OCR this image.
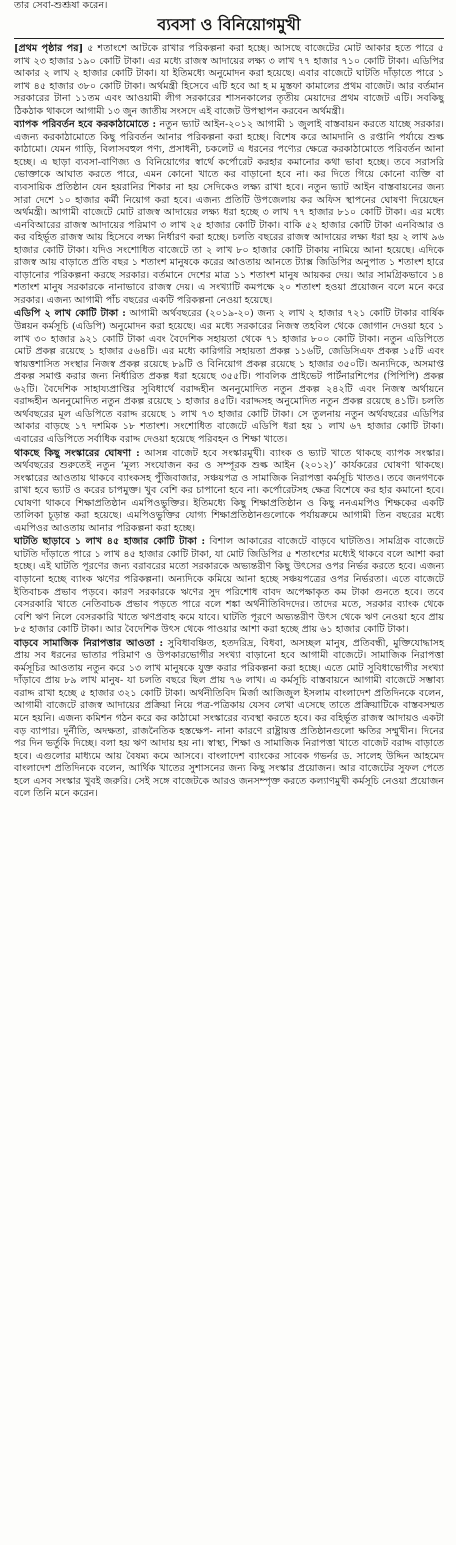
তার সেবা-শুশ্রূষা করেন।
ব্যবসা ও বিনিয়োগমুখী

[প্রথম পৃষ্ঠার পর] ৫ শতাংশে আটকে রাখার পরিকল্পনা করা হচ্ছে। আসছে বাজেটের মোট আকার হতে পারে ৫ লাখ ২৩ হাজার ১৯০ কোটি টাকা। এর মধ্যে রাজস্ব আদায়ের লক্ষ্য ৩ লাখ ৭৭ হাজার ৭১০ কোটি টাকা। এডিপির আকার ২ লাখ ২ হাজার কোটি টাকা। যা ইতিমধ্যে অনুমোদন করা হয়েছে। এবার বাজেটে ঘাটতি দাঁড়াতে পারে ১ লাখ ৪৫ হাজার ৩৮০ কোটি টাকা। অর্থমন্ত্রী হিসেবে এটি হবে আ হ ম মুস্তফা কামালের প্রথম বাজেট। আর বর্তমান সরকারের টানা ১১তম এবং আওয়ামী লীগ সরকারের শাসনকালের তৃতীয় মেয়াদের প্রথম বাজেট এটি। সবকিছু ঠিকঠাক থাকলে আগামী ১৩ জুন জাতীয় সংসদে এই বাজেট উপস্থাপন করবেন অর্থমন্ত্রী।

ব্যাপক পরিবর্তন হবে করকাঠামোতে : নতুন ভ্যাট আইন-২০১২ আগামী ১ জুলাই বাস্তবায়ন করতে যাচ্ছে সরকার। এজন্য করকাঠামোতে কিছু পরিবর্তন আনার পরিকল্পনা করা হচ্ছে। বিশেষ করে আমদানি ও রপ্তানি পর্যায়ে শুল্ক কাঠামো। যেমন গাড়ি, বিলাসবহুল পণ্য, প্রসাধনী, চকলেট এ ধরনের পণ্যের ক্ষেত্রে করকাঠামোতে পরিবর্তন আনা হচ্ছে। এ ছাড়া ব্যবসা-বাণিজ্য ও বিনিয়োগের স্বার্থে কর্পোরেট করহার কমানোর কথা ভাবা হচ্ছে। তবে সরাসরি ভোক্তাকে আঘাত করতে পারে, এমন কোনো খাতে কর বাড়ানো হবে না। কর দিতে গিয়ে কোনো ব্যক্তি বা ব্যবসায়িক প্রতিষ্ঠান যেন হয়রানির শিকার না হয় সেদিকেও লক্ষ্য রাখা হবে। নতুন ভ্যাট আইন বাস্তবায়নের জন্য সারা দেশে ১০ হাজার কর্মী নিয়োগ করা হবে। এজন্য প্রতিটি উপজেলায় কর অফিস স্থাপনের ঘোষণা দিয়েছেন অর্থমন্ত্রী। আগামী বাজেটে মোট রাজস্ব আদায়ের লক্ষ্য ধরা হচ্ছে ৩ লাখ ৭৭ হাজার ৮১০ কোটি টাকা। এর মধ্যে এনবিআরের রাজস্ব আদায়ের পরিমাণ ৩ লাখ ২৫ হাজার কোটি টাকা। বাকি ৫২ হাজার কোটি টাকা এনবিআর ও কর বহির্ভূত রাজস্ব আয় হিসেবে লক্ষ্য নির্ধারণ করা হচ্ছে। চলতি বছরের রাজস্ব আদায়ের লক্ষ্য ধরা হয় ২ লাখ ৯৬ হাজার কোটি টাকা। যদিও সংশোধিত বাজেটে তা ২ লাখ ৮০ হাজার কোটি টাকায় নামিয়ে আনা হয়েছে। এদিকে রাজস্ব আয় বাড়াতে প্রতি বছর ১ শতাংশ মানুষকে করের আওতায় আনতে ট্যাক্স জিডিপির অনুপাত ১ শতাংশ হারে বাড়ানোর পরিকল্পনা করছে সরকার। বর্তমানে দেশের মাত্র ১১ শতাংশ মানুষ আয়কর দেয়। আর সামগ্রিকভাবে ১৪ শতাংশ মানুষ সরকারকে নানাভাবে রাজস্ব দেয়। এ সংখ্যাটি কমপক্ষে ২০ শতাংশ হওয়া প্রয়োজন বলে মনে করে সরকার। এজন্য আগামী পাঁচ বছরের একটি পরিকল্পনা নেওয়া হয়েছে।

এডিপি ২ লাখ কোটি টাকা : আগামী অর্থবছরের (২০১৯-২০) জন্য ২ লাখ ২ হাজার ৭২১ কোটি টাকার বার্ষিক উন্নয়ন কর্মসূচি (এডিপি) অনুমোদন করা হয়েছে। এর মধ্যে সরকারের নিজস্ব তহবিল থেকে জোগান দেওয়া হবে ১ লাখ ৩০ হাজার ৯২১ কোটি টাকা এবং বৈদেশিক সহায়তা থেকে ৭১ হাজার ৮০০ কোটি টাকা। নতুন এডিপিতে মোট প্রকল্প রয়েছে ১ হাজার ৫৬৪টি। এর মধ্যে কারিগরি সহায়তা প্রকল্প ১১৬টি, জেডিসিএফ প্রকল্প ১৫টি এবং স্বায়ত্তশাসিত সংস্থার নিজস্ব প্রকল্প রয়েছে ৮৯টি ও বিনিয়োগ প্রকল্প রয়েছে ১ হাজার ৩৫০টি। অন্যদিকে, অসমাপ্ত প্রকল্প সমাপ্ত করার জন্য নির্ধারিত প্রকল্প ধরা হয়েছে ৩৫৫টি। পাবলিক প্রাইভেট পার্টনারশিপের (পিপিপি) প্রকল্প ৬২টি। বৈদেশিক সাহায্যপ্রাপ্তির সুবিধার্থে বরাদ্দহীন অননুমোদিত নতুন প্রকল্প ২৪২টি এবং নিজস্ব অর্থায়নে বরাদ্দহীন অননুমোদিত নতুন প্রকল্প রয়েছে ১ হাজার ৪৫টি। বরাদ্দসহ অনুমোদিত নতুন প্রকল্প রয়েছে ৪১টি। চলতি অর্থবছরের মূল এডিপিতে বরাদ্দ রয়েছে ১ লাখ ৭৩ হাজার কোটি টাকা। সে তুলনায় নতুন অর্থবছরের এডিপির আকার বাড়ছে ১৭ দশমিক ১৮ শতাংশ। সংশোধিত বাজেটে এডিপি ধরা হয় ১ লাখ ৬৭ হাজার কোটি টাকা। এবারের এডিপিতে সর্বাধিক বরাদ্দ দেওয়া হয়েছে পরিবহন ও শিক্ষা খাতে।

থাকছে কিছু সংস্কারের ঘোষণা : আসন্ন বাজেট হবে সংস্কারমুখী। ব্যাংক ও ভ্যাট খাতে থাকছে ব্যাপক সংস্কার। অর্থবছরের শুরুতেই নতুন ‘মূল্য সংযোজন কর ও সম্পূরক শুল্ক আইন (২০১২)’ কার্যকরের ঘোষণা থাকছে। সংস্কারের আওতায় থাকবে ব্যাংকসহ পুঁজিবাজার, সঞ্চয়পত্র ও সামাজিক নিরাপত্তা কর্মসূচি খাতও। তবে জনগণকে রাখা হবে ভ্যাট ও করের চাপমুক্ত। খুব বেশি কর চাপানো হবে না। কর্পোরেটসহ ক্ষেত্র বিশেষে কর হার কমানো হবে। ঘোষণা থাকবে শিক্ষাপ্রতিষ্ঠান এমপিওভুক্তির। ইতিমধ্যে কিছু শিক্ষাপ্রতিষ্ঠান ও কিছু ননএমপিও শিক্ষকের একটি তালিকা চূড়ান্ত করা হয়েছে। এমপিওভুক্তির যোগ্য শিক্ষাপ্রতিষ্ঠানগুলোকে পর্যায়ক্রমে আগামী তিন বছরের মধ্যে এমপিওর আওতায় আনার পরিকল্পনা করা হচ্ছে।

ঘাটতি ছাড়াবে ১ লাখ ৪৫ হাজার কোটি টাকা : বিশাল আকারের বাজেটে বাড়বে ঘাটতিও। সামগ্রিক বাজেটে ঘাটতি দাঁড়াতে পারে ১ লাখ ৪৫ হাজার কোটি টাকা, যা মোট জিডিপির ৫ শতাংশের মধ্যেই থাকবে বলে আশা করা হচ্ছে। এই ঘাটতি পূরণের জন্য বরাবরের মতো সরকারকে অভ্যন্তরীণ কিছু উৎসের ওপর নির্ভর করতে হবে। এজন্য বাড়ানো হচ্ছে ব্যাংক ঋণের পরিকল্পনা। অন্যদিকে কমিয়ে আনা হচ্ছে সঞ্চয়পত্রের ওপর নির্ভরতা। এতে বাজেটে ইতিবাচক প্রভাব পড়বে। কারণ সরকারকে ঋণের সুদ পরিশোধ বাবদ অপেক্ষাকৃত কম টাকা গুনতে হবে। তবে বেসরকারি খাতে নেতিবাচক প্রভাব পড়তে পারে বলে শঙ্কা অর্থনীতিবিদদের। তাদের মতে, সরকার ব্যাংক থেকে বেশি ঋণ নিলে বেসরকারি খাতে ঋণপ্রবাহ কমে যাবে। ঘাটতি পূরণে অভ্যন্তরীণ উৎস থেকে ঋণ নেওয়া হবে প্রায় ৮৫ হাজার কোটি টাকা। আর বৈদেশিক উৎস থেকে পাওয়ার আশা করা হচ্ছে প্রায় ৬১ হাজার কোটি টাকা।

বাড়বে সামাজিক নিরাপত্তার আওতা : সুবিধাবঞ্চিত, হতদরিদ্র, বিধবা, অসচ্ছল মানুষ, প্রতিবন্ধী, মুক্তিযোদ্ধাসহ প্রায় সব ধরনের ভাতার পরিমাণ ও উপকারভোগীর সংখ্যা বাড়ানো হবে আগামী বাজেটে। সামাজিক নিরাপত্তা কর্মসূচির আওতায় নতুন করে ১৩ লাখ মানুষকে যুক্ত করার পরিকল্পনা করা হচ্ছে। এতে মোট সুবিধাভোগীর সংখ্যা দাঁড়াবে প্রায় ৮৯ লাখ মানুষ- যা চলতি বছরে ছিল প্রায় ৭৬ লাখ। এ কর্মসূচি বাস্তবায়নে আগামী বাজেটে সম্ভাব্য বরাদ্দ রাখা হচ্ছে ৫ হাজার ৩২১ কোটি টাকা। অর্থনীতিবিদ মির্জা আজিজুল ইসলাম বাংলাদেশ প্রতিদিনকে বলেন, আগামী বাজেটে রাজস্ব আদায়ের প্রক্রিয়া নিয়ে পত্র-পত্রিকায় যেসব লেখা এসেছে তাতে প্রক্রিয়াটিকে বাস্তবসম্মত মনে হয়নি। এজন্য কমিশন গঠন করে কর কাঠামো সংস্কারের ব্যবস্থা করতে হবে। কর বহির্ভূত রাজস্ব আদায়ও একটা বড় ব্যাপার। দুর্নীতি, অদক্ষতা, রাজনৈতিক হস্তক্ষেপ- নানা কারণে রাষ্ট্রায়ত্ত প্রতিষ্ঠানগুলো ক্ষতির সম্মুখীন। দিনের পর দিন ভর্তুকি দিচ্ছে। বলা হয় ঋণ আদায় হয় না। স্বাস্থ্য, শিক্ষা ও সামাজিক নিরাপত্তা খাতে বাজেট বরাদ্দ বাড়াতে হবে। এগুলোর মাধ্যমে আয় বৈষম্য কমে আসবে। বাংলাদেশ ব্যাংকের সাবেক গভর্নর ড. সালেহ উদ্দিন আহমেদ বাংলাদেশ প্রতিদিনকে বলেন, আর্থিক খাতের সুশাসনের জন্য কিছু সংস্কার প্রয়োজন। আর বাজেটের সুফল পেতে হলে এসব সংস্কার খুবই জরুরি। সেই সঙ্গে বাজেটকে আরও জনসম্পৃক্ত করতে কল্যাণমুখী কর্মসূচি নেওয়া প্রয়োজন বলে তিনি মনে করেন।
